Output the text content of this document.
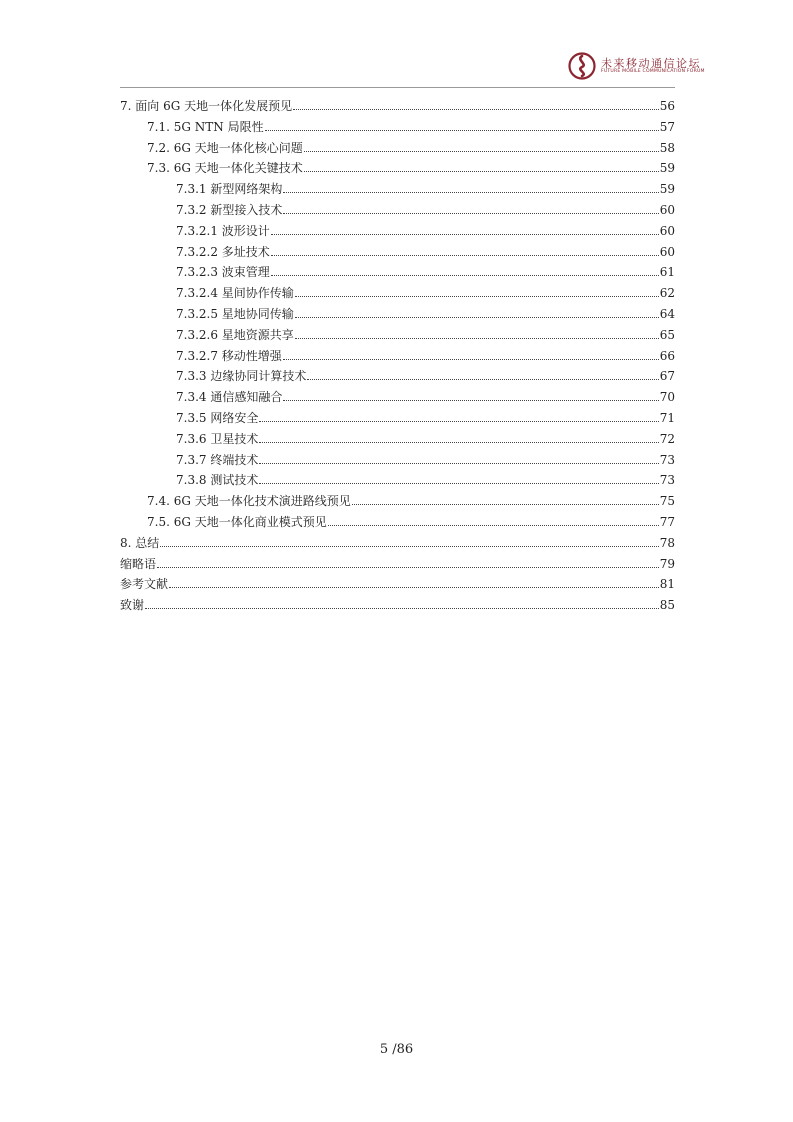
未来移动通信论坛
FUTURE MOBILE COMMUNICATION FORUM
7. 面向 6G 天地一体化发展预见	56
7.1. 5G NTN 局限性	57
7.2. 6G 天地一体化核心问题	58
7.3. 6G 天地一体化关键技术	59
7.3.1 新型网络架构	59
7.3.2 新型接入技术	60
7.3.2.1 波形设计	60
7.3.2.2 多址技术	60
7.3.2.3 波束管理	61
7.3.2.4 星间协作传输	62
7.3.2.5 星地协同传输	64
7.3.2.6 星地资源共享	65
7.3.2.7 移动性增强	66
7.3.3 边缘协同计算技术	67
7.3.4 通信感知融合	70
7.3.5 网络安全	71
7.3.6 卫星技术	72
7.3.7 终端技术	73
7.3.8 测试技术	73
7.4. 6G 天地一体化技术演进路线预见	75
7.5. 6G 天地一体化商业模式预见	77
8. 总结	78
缩略语	79
参考文献	81
致谢	85
5 /86
